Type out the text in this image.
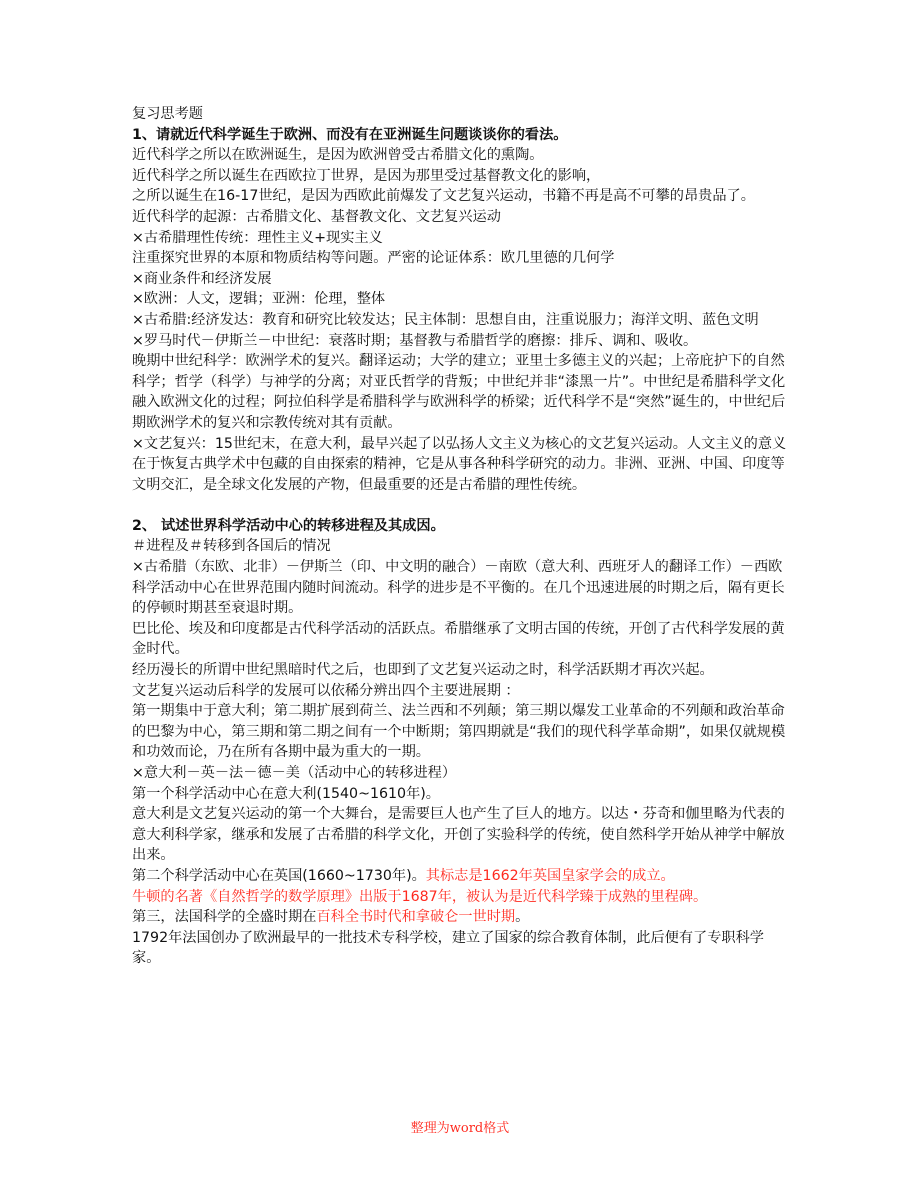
复习思考题

1、请就近代科学诞生于欧洲、而没有在亚洲诞生问题谈谈你的看法。

近代科学之所以在欧洲诞生，是因为欧洲曾受古希腊文化的熏陶。

近代科学之所以诞生在西欧拉丁世界，是因为那里受过基督教文化的影响，

之所以诞生在16-17世纪，是因为西欧此前爆发了文艺复兴运动，书籍不再是高不可攀的昂贵品了。

近代科学的起源：古希腊文化、基督教文化、文艺复兴运动

×古希腊理性传统：理性主义+现实主义

注重探究世界的本原和物质结构等问题。严密的论证体系：欧几里德的几何学

×商业条件和经济发展

×欧洲：人文，逻辑；亚洲：伦理，整体

×古希腊:经济发达：教育和研究比较发达；民主体制：思想自由，注重说服力；海洋文明、蓝色文明

×罗马时代－伊斯兰－中世纪：衰落时期；基督教与希腊哲学的磨擦：排斥、调和、吸收。

晚期中世纪科学：欧洲学术的复兴。翻译运动；大学的建立；亚里士多德主义的兴起；上帝庇护下的自然科学；哲学（科学）与神学的分离；对亚氏哲学的背叛；中世纪并非“漆黑一片”。中世纪是希腊科学文化融入欧洲文化的过程；阿拉伯科学是希腊科学与欧洲科学的桥梁；近代科学不是“突然”诞生的，中世纪后期欧洲学术的复兴和宗教传统对其有贡献。

×文艺复兴：15世纪末，在意大利，最早兴起了以弘扬人文主义为核心的文艺复兴运动。人文主义的意义在于恢复古典学术中包藏的自由探索的精神，它是从事各种科学研究的动力。非洲、亚洲、中国、印度等文明交汇，是全球文化发展的产物，但最重要的还是古希腊的理性传统。

2、 试述世界科学活动中心的转移进程及其成因。

＃进程及＃转移到各国后的情况

×古希腊（东欧、北非）－伊斯兰（印、中文明的融合）－南欧（意大利、西班牙人的翻译工作）－西欧

科学活动中心在世界范围内随时间流动。科学的进步是不平衡的。在几个迅速进展的时期之后，隔有更长的停顿时期甚至衰退时期。

巴比伦、埃及和印度都是古代科学活动的活跃点。希腊继承了文明古国的传统，开创了古代科学发展的黄金时代。

经历漫长的所谓中世纪黑暗时代之后，也即到了文艺复兴运动之时，科学活跃期才再次兴起。

文艺复兴运动后科学的发展可以依稀分辨出四个主要进展期 ：

第一期集中于意大利；第二期扩展到荷兰、法兰西和不列颠；第三期以爆发工业革命的不列颠和政治革命的巴黎为中心，第三期和第二期之间有一个中断期；第四期就是“我们的现代科学革命期”，如果仅就规模和功效而论，乃在所有各期中最为重大的一期。

×意大利－英－法－德－美（活动中心的转移进程）

第一个科学活动中心在意大利(1540~1610年)。

意大利是文艺复兴运动的第一个大舞台，是需要巨人也产生了巨人的地方。以达・芬奇和伽里略为代表的意大利科学家，继承和发展了古希腊的科学文化，开创了实验科学的传统，使自然科学开始从神学中解放出来。

第二个科学活动中心在英国(1660~1730年)。其标志是1662年英国皇家学会的成立。

牛顿的名著《自然哲学的数学原理》出版于1687年，被认为是近代科学臻于成熟的里程碑。

第三，法国科学的全盛时期在百科全书时代和拿破仑一世时期。

1792年法国创办了欧洲最早的一批技术专科学校，建立了国家的综合教育体制，此后便有了专职科学家。

整理为word格式
